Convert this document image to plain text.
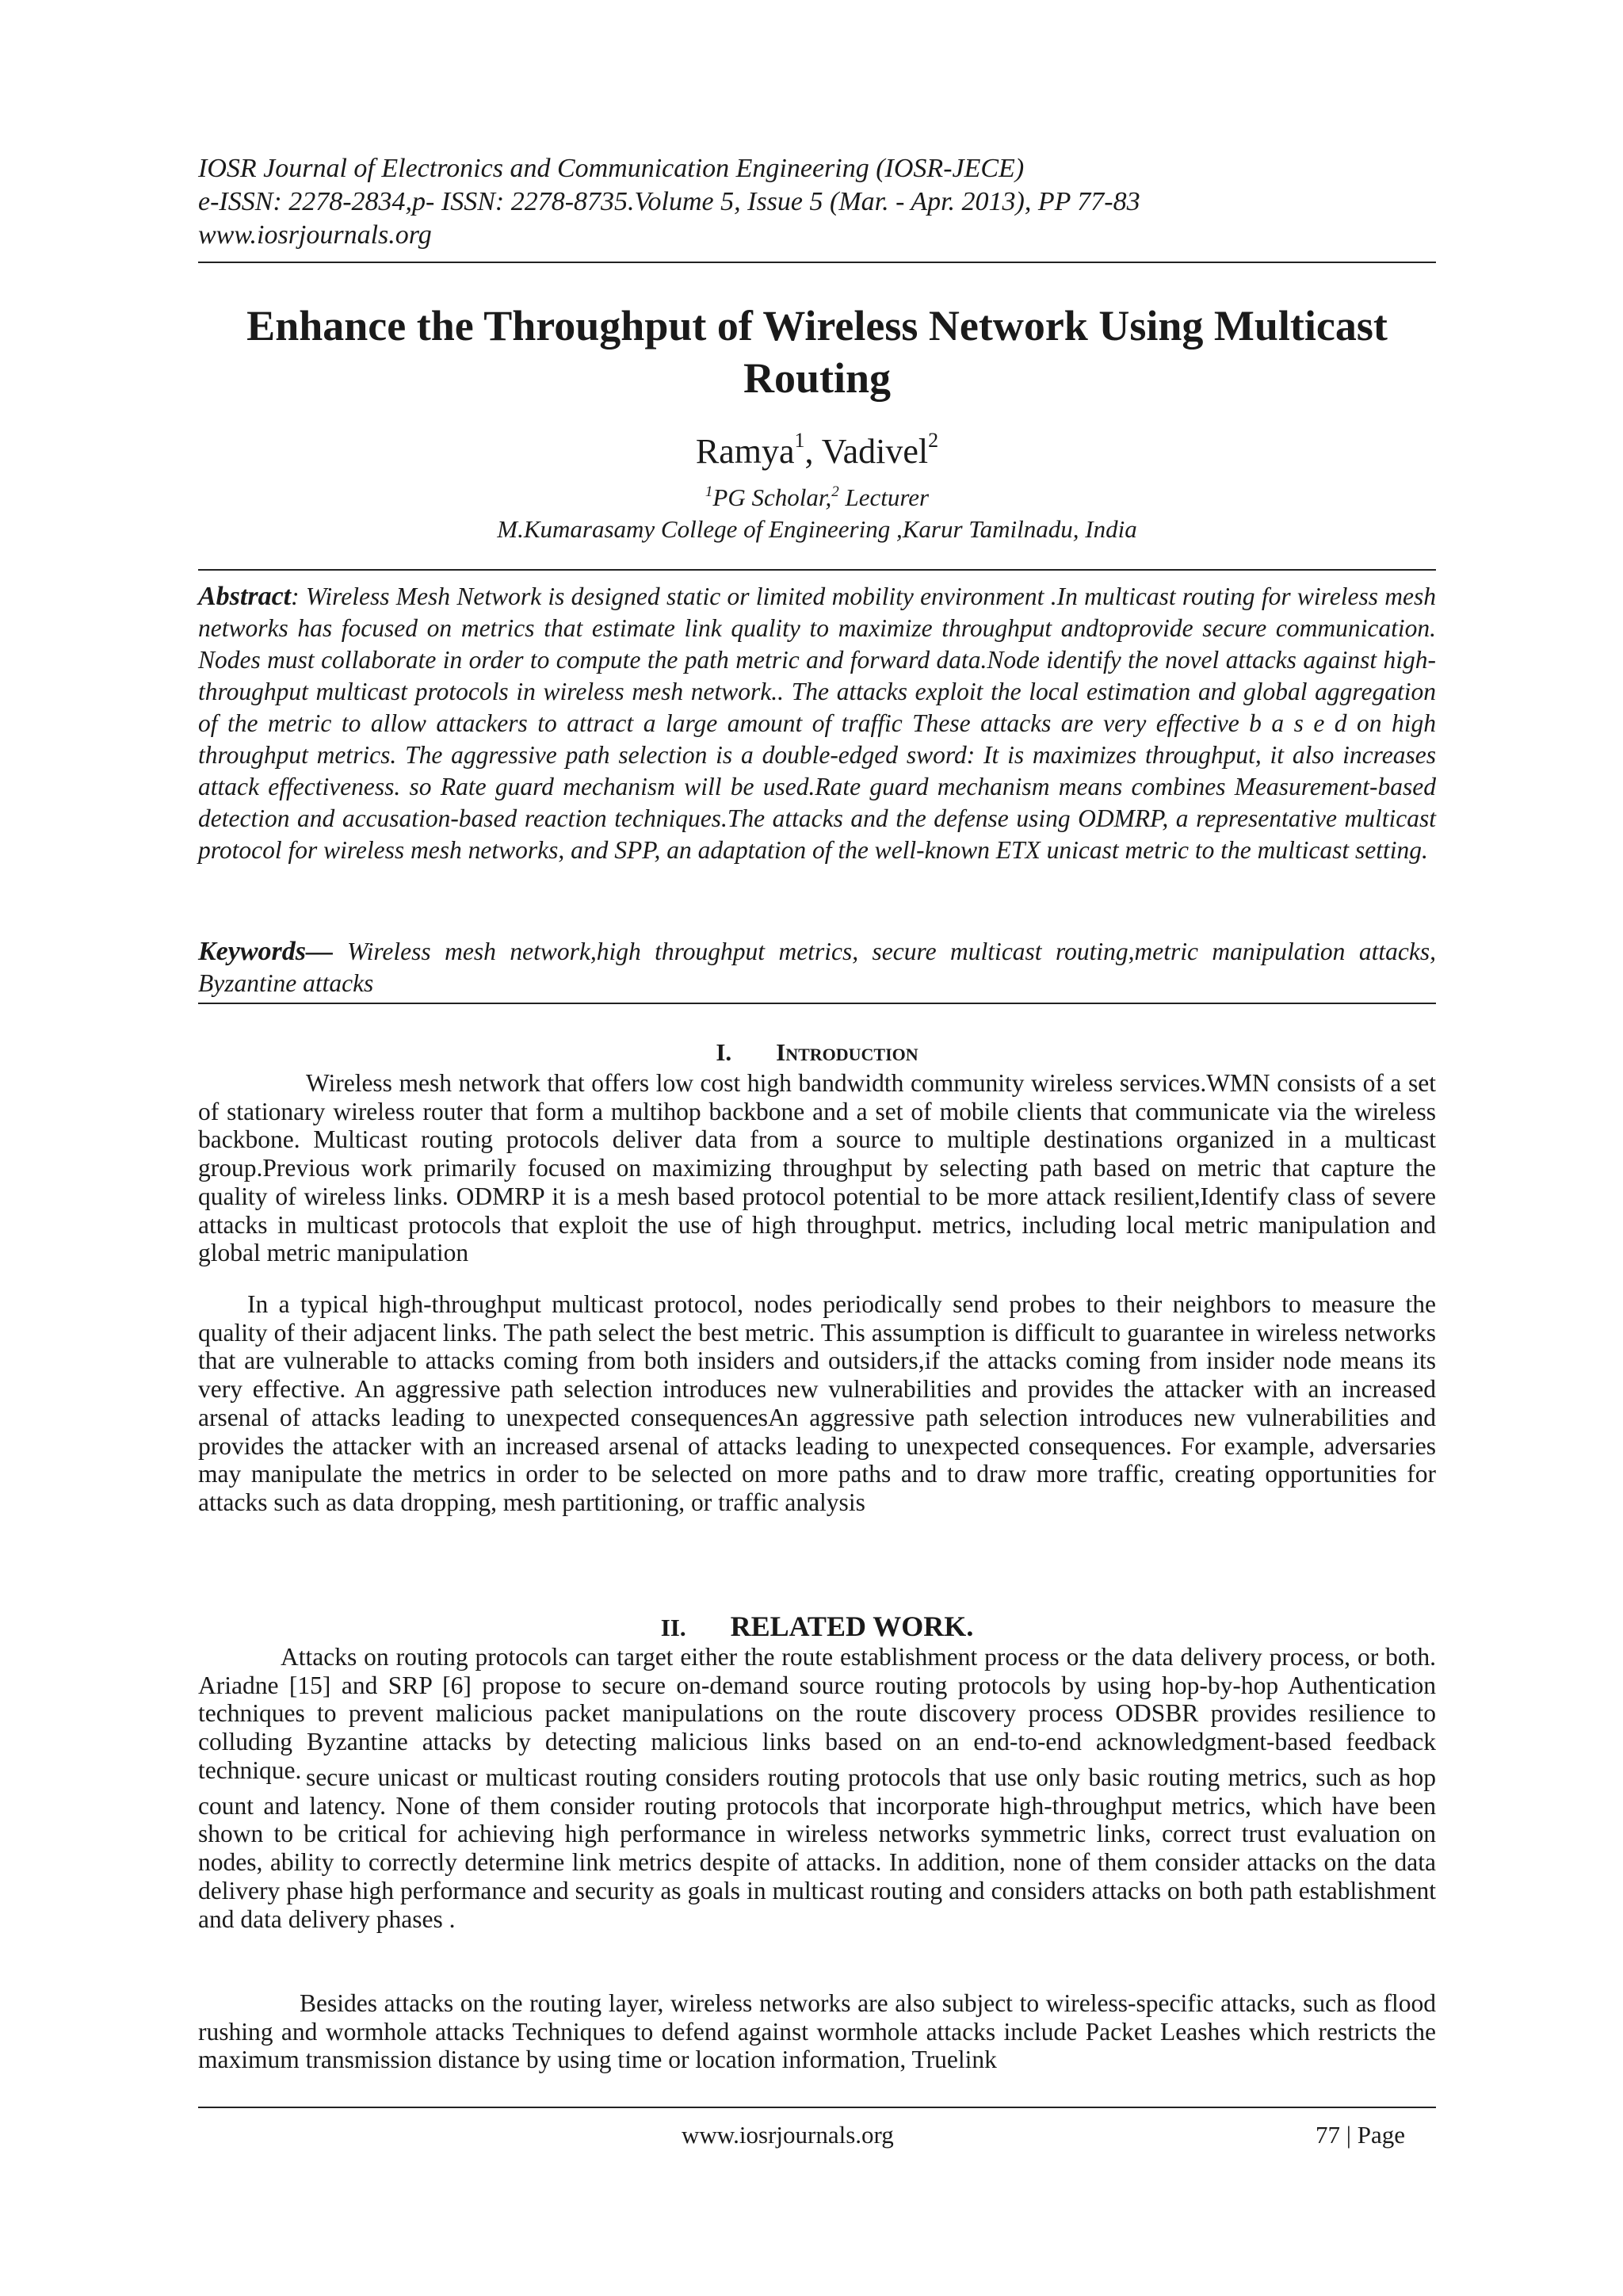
IOSR Journal of Electronics and Communication Engineering (IOSR-JECE)
e-ISSN: 2278-2834,p- ISSN: 2278-8735.Volume 5, Issue 5 (Mar. - Apr. 2013), PP 77-83
www.iosrjournals.org
Enhance the Throughput of Wireless Network Using Multicast Routing
Ramya$^1$, Vadivel$^2$
$^1$PG Scholar,$^2$ Lecturer
M.Kumarasamy College of Engineering ,Karur Tamilnadu, India
Abstract: Wireless Mesh Network is designed static or limited mobility environment .In multicast routing for wireless mesh networks has focused on metrics that estimate link quality to maximize throughput andtoprovide secure communication. Nodes must collaborate in order to compute the path metric and forward data.Node identify the novel attacks against high- throughput multicast protocols in wireless mesh network.. The attacks exploit the local estimation and global aggregation of the metric to allow attackers to attract a large amount of traffic These attacks are very effective b a s e d on high throughput metrics. The aggressive path selection is a double-edged sword: It is maximizes throughput, it also increases attack effectiveness. so Rate guard mechanism will be used.Rate guard mechanism means combines Measurement-based detection and accusation-based reaction techniques.The attacks and the defense using ODMRP, a representative multicast protocol for wireless mesh networks, and SPP, an adaptation of the well-known ETX unicast metric to the multicast setting.
Keywords— Wireless mesh network,high throughput metrics, secure multicast routing,metric manipulation attacks, Byzantine attacks
I. Introduction
Wireless mesh network that offers low cost high bandwidth community wireless services.WMN consists of a set of stationary wireless router that form a multihop backbone and a set of mobile clients that communicate via the wireless backbone. Multicast routing protocols deliver data from a source to multiple destinations organized in a multicast group.Previous work primarily focused on maximizing throughput by selecting path based on metric that capture the quality of wireless links. ODMRP it is a mesh based protocol potential to be more attack resilient,Identify class of severe attacks in multicast protocols that exploit the use of high throughput. metrics, including local metric manipulation and global metric manipulation
In a typical high-throughput multicast protocol, nodes periodically send probes to their neighbors to measure the quality of their adjacent links. The path select the best metric. This assumption is difficult to guarantee in wireless networks that are vulnerable to attacks coming from both insiders and outsiders,if the attacks coming from insider node means its very effective. An aggressive path selection introduces new vulnerabilities and provides the attacker with an increased arsenal of attacks leading to unexpected consequencesAn aggressive path selection introduces new vulnerabilities and provides the attacker with an increased arsenal of attacks leading to unexpected consequences. For example, adversaries may manipulate the metrics in order to be selected on more paths and to draw more traffic, creating opportunities for attacks such as data dropping, mesh partitioning, or traffic analysis
II. RELATED WORK.
Attacks on routing protocols can target either the route establishment process or the data delivery process, or both. Ariadne [15] and SRP [6] propose to secure on-demand source routing protocols by using hop-by-hop Authentication techniques to prevent malicious packet manipulations on the route discovery process ODSBR provides resilience to colluding Byzantine attacks by detecting malicious links based on an end-to-end acknowledgment-based feedback technique. secure unicast or multicast routing considers routing protocols that use only basic routing metrics, such as hop count and latency. None of them consider routing protocols that incorporate high-throughput metrics, which have been shown to be critical for achieving high performance in wireless networks symmetric links, correct trust evaluation on nodes, ability to correctly determine link metrics despite of attacks. In addition, none of them consider attacks on the data delivery phase high performance and security as goals in multicast routing and considers attacks on both path establishment and data delivery phases .
Besides attacks on the routing layer, wireless networks are also subject to wireless-specific attacks, such as flood rushing and wormhole attacks Techniques to defend against wormhole attacks include Packet Leashes which restricts the maximum transmission distance by using time or location information, Truelink
www.iosrjournals.org	77 | Page
